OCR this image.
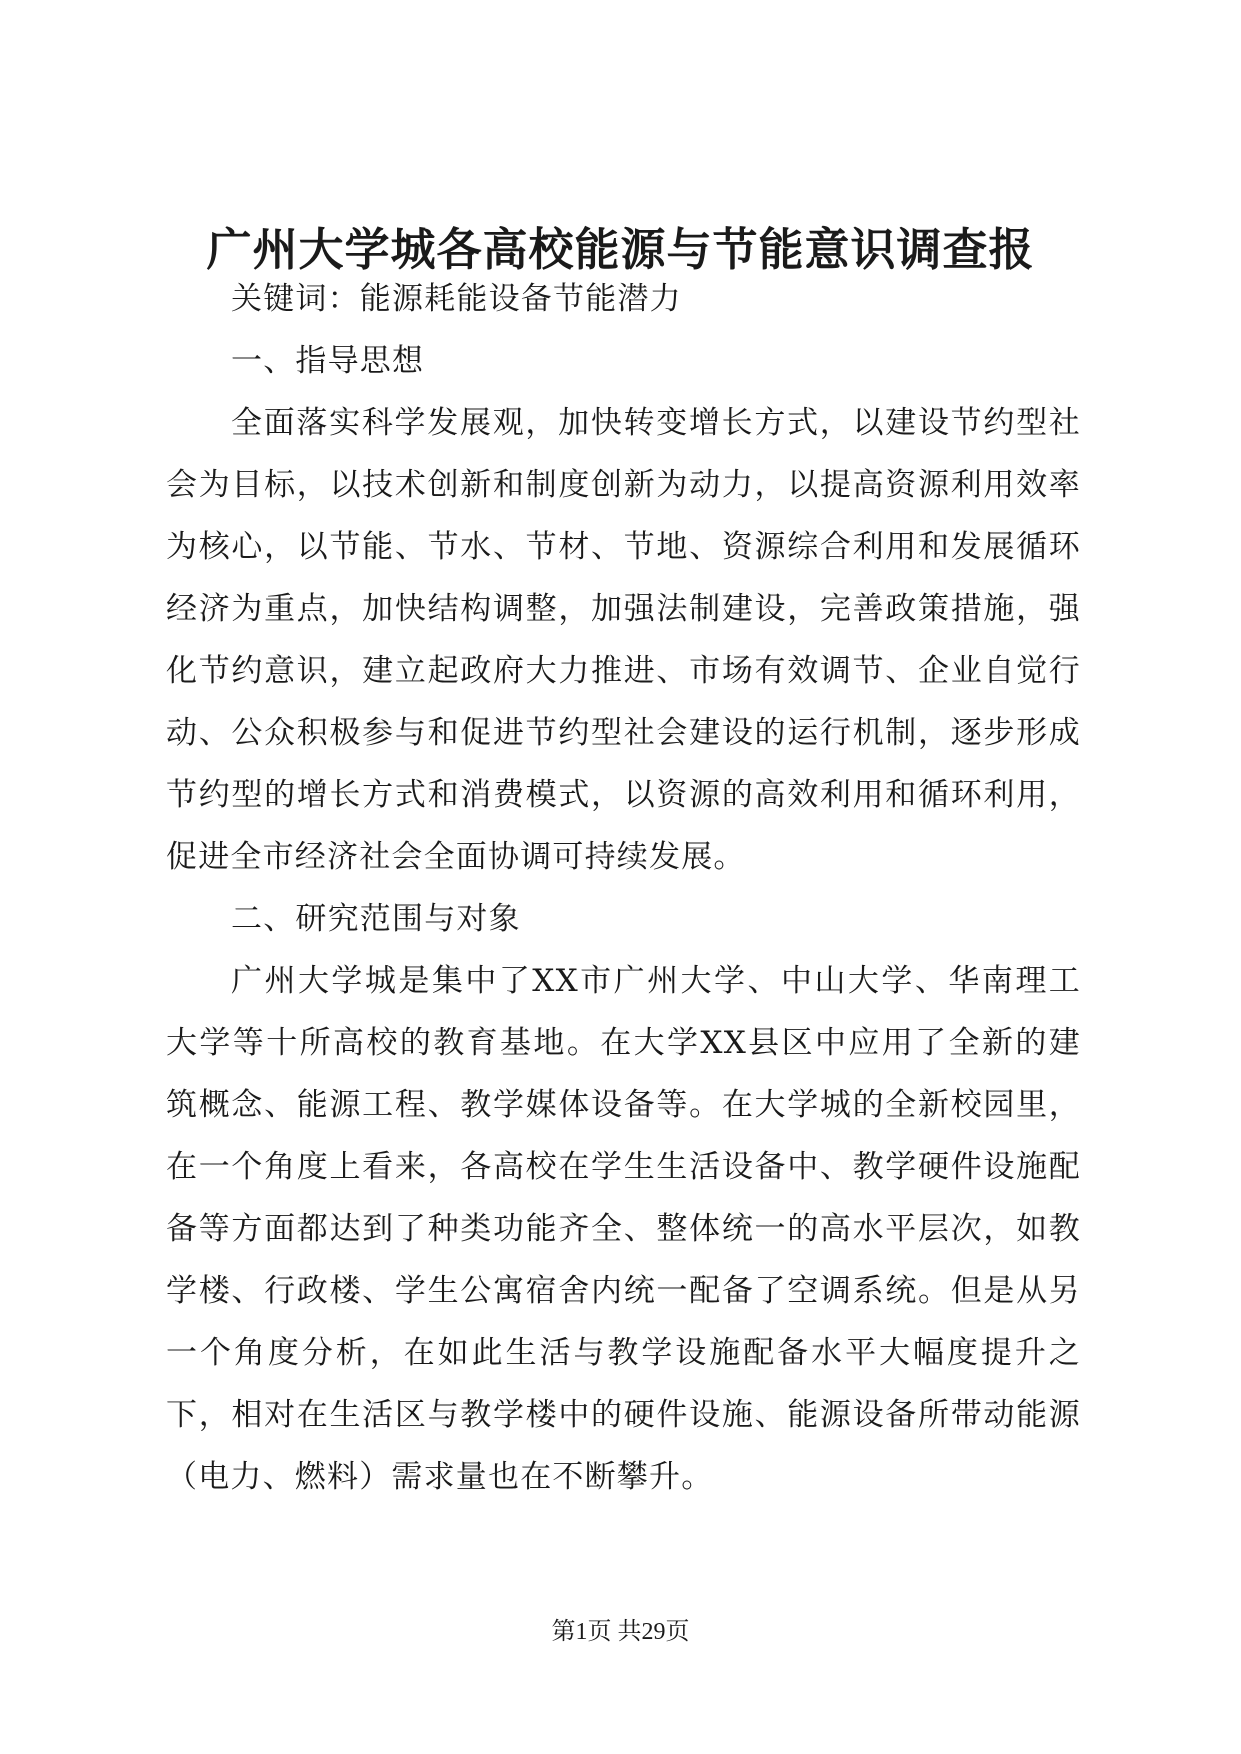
广州大学城各高校能源与节能意识调查报

关键词：能源耗能设备节能潜力

一、指导思想

全面落实科学发展观，加快转变增长方式，以建设节约型社会为目标，以技术创新和制度创新为动力，以提高资源利用效率为核心，以节能、节水、节材、节地、资源综合利用和发展循环经济为重点，加快结构调整，加强法制建设，完善政策措施，强化节约意识，建立起政府大力推进、市场有效调节、企业自觉行动、公众积极参与和促进节约型社会建设的运行机制，逐步形成节约型的增长方式和消费模式，以资源的高效利用和循环利用，促进全市经济社会全面协调可持续发展。

二、研究范围与对象

广州大学城是集中了XX市广州大学、中山大学、华南理工大学等十所高校的教育基地。在大学XX县区中应用了全新的建筑概念、能源工程、教学媒体设备等。在大学城的全新校园里，在一个角度上看来，各高校在学生生活设备中、教学硬件设施配备等方面都达到了种类功能齐全、整体统一的高水平层次，如教学楼、行政楼、学生公寓宿舍内统一配备了空调系统。但是从另一个角度分析，在如此生活与教学设施配备水平大幅度提升之下，相对在生活区与教学楼中的硬件设施、能源设备所带动能源（电力、燃料）需求量也在不断攀升。

第1页 共29页
